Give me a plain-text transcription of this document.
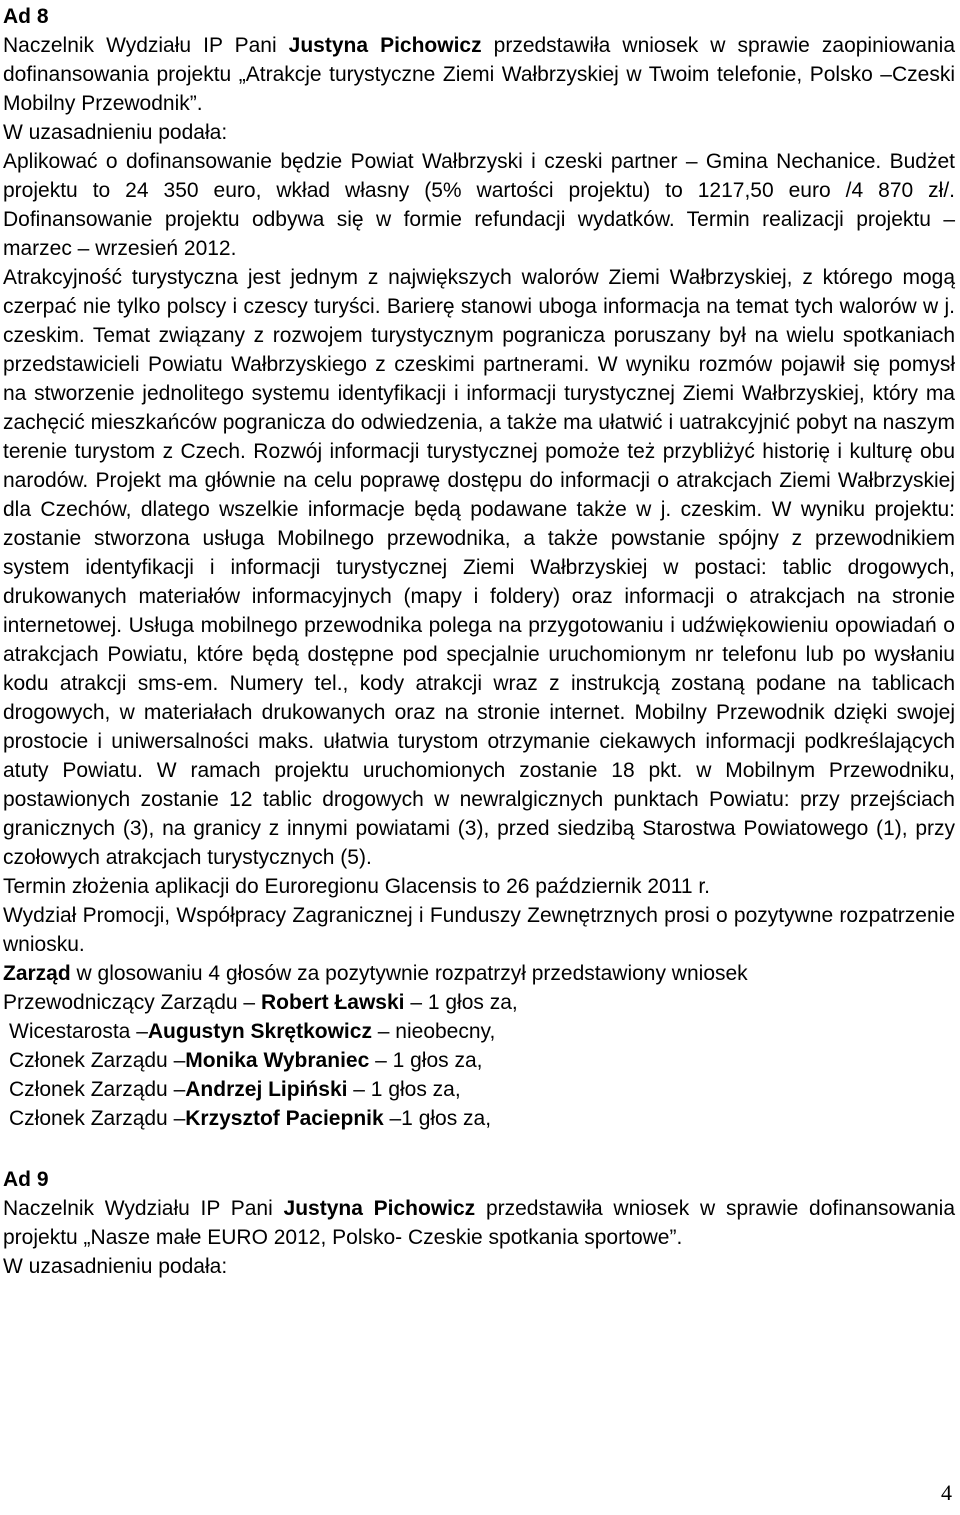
Ad 8
Naczelnik Wydziału IP Pani Justyna Pichowicz przedstawiła wniosek w sprawie zaopiniowania dofinansowania projektu „Atrakcje turystyczne Ziemi Wałbrzyskiej w Twoim telefonie, Polsko –Czeski Mobilny Przewodnik”.
W uzasadnieniu podała:
Aplikować o dofinansowanie będzie Powiat Wałbrzyski i czeski partner – Gmina Nechanice. Budżet projektu to 24 350 euro, wkład własny (5% wartości projektu) to 1217,50 euro /4 870 zł/. Dofinansowanie projektu odbywa się w formie refundacji wydatków. Termin realizacji projektu – marzec – wrzesień 2012.
Atrakcyjność turystyczna jest jednym z największych walorów Ziemi Wałbrzyskiej, z którego mogą czerpać nie tylko polscy i czescy turyści. Barierę stanowi uboga informacja na temat tych walorów w j. czeskim. Temat związany z rozwojem turystycznym pogranicza poruszany był na wielu spotkaniach przedstawicieli Powiatu Wałbrzyskiego z czeskimi partnerami. W wyniku rozmów pojawił się pomysł na stworzenie jednolitego systemu identyfikacji i informacji turystycznej Ziemi Wałbrzyskiej, który ma zachęcić mieszkańców pogranicza do odwiedzenia, a także ma ułatwić i uatrakcyjnić pobyt na naszym terenie turystom z Czech. Rozwój informacji turystycznej pomoże też przybliżyć historię i kulturę obu narodów. Projekt ma głównie na celu poprawę dostępu do informacji o atrakcjach Ziemi Wałbrzyskiej dla Czechów, dlatego wszelkie informacje będą podawane także w j. czeskim. W wyniku projektu: zostanie stworzona usługa Mobilnego przewodnika, a także powstanie spójny z przewodnikiem system identyfikacji i informacji turystycznej Ziemi Wałbrzyskiej w postaci: tablic drogowych, drukowanych materiałów informacyjnych (mapy i foldery) oraz informacji o atrakcjach na stronie internetowej. Usługa mobilnego przewodnika polega na przygotowaniu i udźwiękowieniu opowiadań o atrakcjach Powiatu, które będą dostępne pod specjalnie uruchomionym nr telefonu lub po wysłaniu kodu atrakcji sms-em. Numery tel., kody atrakcji wraz z instrukcją zostaną podane na tablicach drogowych, w materiałach drukowanych oraz na stronie internet. Mobilny Przewodnik dzięki swojej prostocie i uniwersalności maks. ułatwia turystom otrzymanie ciekawych informacji podkreślających atuty Powiatu. W ramach projektu uruchomionych zostanie 18 pkt. w Mobilnym Przewodniku, postawionych zostanie 12 tablic drogowych w newralgicznych punktach Powiatu: przy przejściach granicznych (3), na granicy z innymi powiatami (3), przed siedzibą Starostwa Powiatowego (1), przy czołowych atrakcjach turystycznych (5).
Termin złożenia aplikacji do Euroregionu Glacensis to 26 październik 2011 r.
Wydział Promocji, Współpracy Zagranicznej i Funduszy Zewnętrznych prosi o pozytywne rozpatrzenie wniosku.
Zarząd w glosowaniu 4 głosów za pozytywnie rozpatrzył przedstawiony wniosek
Przewodniczący Zarządu – Robert Ławski – 1 głos za,
Wicestarosta –Augustyn Skrętkowicz – nieobecny,
Członek Zarządu –Monika Wybraniec – 1 głos za,
Członek Zarządu –Andrzej Lipiński – 1 głos za,
Członek Zarządu –Krzysztof Paciepnik –1 głos za,
Ad 9
Naczelnik Wydziału IP Pani Justyna Pichowicz przedstawiła wniosek w sprawie dofinansowania projektu „Nasze małe EURO 2012, Polsko- Czeskie spotkania sportowe”.
W uzasadnieniu podała:
4
